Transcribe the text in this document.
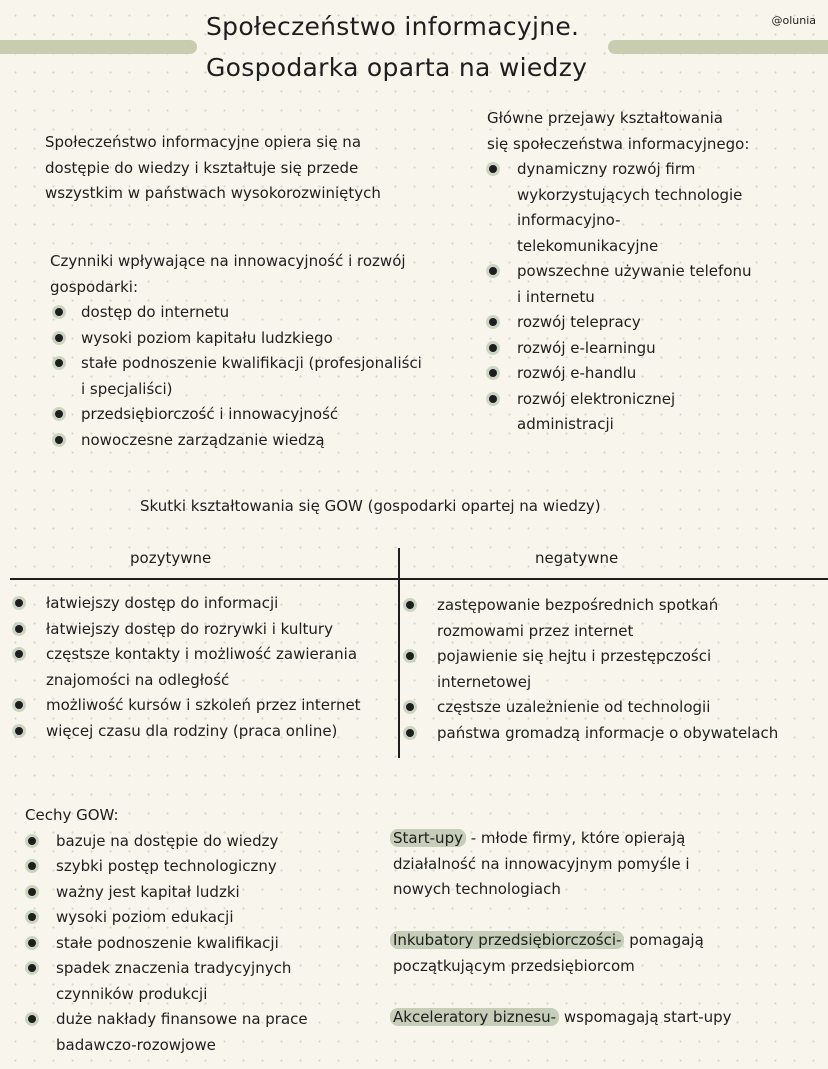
Społeczeństwo informacyjne.
Gospodarka oparta na wiedzy
@olunia
Społeczeństwo informacyjne opiera się na
dostępie do wiedzy i kształtuje się przede
wszystkim w państwach wysokorozwiniętych
Czynniki wpływające na innowacyjność i rozwój
gospodarki:
dostęp do internetu
wysoki poziom kapitału ludzkiego
stałe podnoszenie kwalifikacji (profesjonaliści
i specjaliści)
przedsiębiorczość i innowacyjność
nowoczesne zarządzanie wiedzą
Główne przejawy kształtowania
się społeczeństwa informacyjnego:
dynamiczny rozwój firm
wykorzystujących technologie
informacyjno-
telekomunikacyjne
powszechne używanie telefonu
i internetu
rozwój telepracy
rozwój e-learningu
rozwój e-handlu
rozwój elektronicznej
administracji
Skutki kształtowania się GOW (gospodarki opartej na wiedzy)
pozytywne	negatywne
łatwiejszy dostęp do informacji
łatwiejszy dostęp do rozrywki i kultury
częstsze kontakty i możliwość zawierania
znajomości na odległość
możliwość kursów i szkoleń przez internet
więcej czasu dla rodziny (praca online)
zastępowanie bezpośrednich spotkań
rozmowami przez internet
pojawienie się hejtu i przestępczości
internetowej
częstsze uzależnienie od technologii
państwa gromadzą informacje o obywatelach
Cechy GOW:
bazuje na dostępie do wiedzy
szybki postęp technologiczny
ważny jest kapitał ludzki
wysoki poziom edukacji
stałe podnoszenie kwalifikacji
spadek znaczenia tradycyjnych
czynników produkcji
duże nakłady finansowe na prace
badawczo-rozowjowe
Start-upy - młode firmy, które opierają
działalność na innowacyjnym pomyśle i
nowych technologiach
Inkubatory przedsiębiorczości- pomagają
początkującym przedsiębiorcom
Akceleratory biznesu- wspomagają start-upy
